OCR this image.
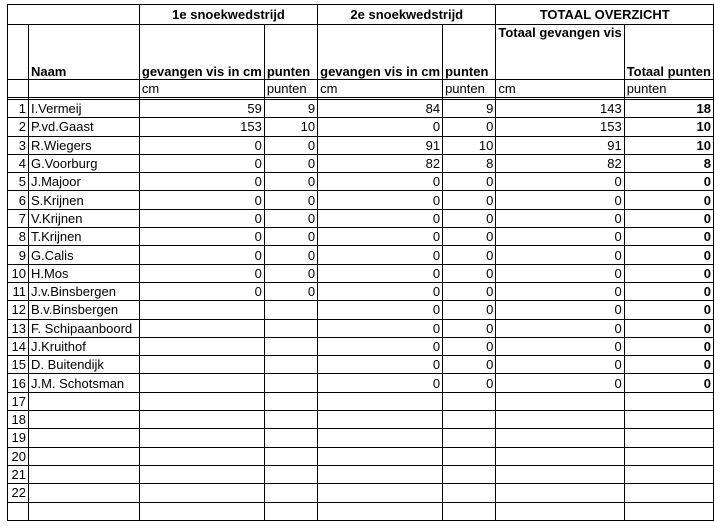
		1e snoekwedstrijd		2e snoekwedstrijd		TOTAAL OVERZICHT	
	Naam	gevangen vis in cm	punten	gevangen vis in cm	punten	Totaal gevangen vis	Totaal punten
		cm	punten	cm	punten	cm	punten

1	I.Vermeij	59	9	84	9	143	18
2	P.vd.Gaast	153	10	0	0	153	10
3	R.Wiegers	0	0	91	10	91	10
4	G.Voorburg	0	0	82	8	82	8
5	J.Majoor	0	0	0	0	0	0
6	S.Krijnen	0	0	0	0	0	0
7	V.Krijnen	0	0	0	0	0	0
8	T.Krijnen	0	0	0	0	0	0
9	G.Calis	0	0	0	0	0	0
10	H.Mos	0	0	0	0	0	0
11	J.v.Binsbergen	0	0	0	0	0	0
12	B.v.Binsbergen			0	0	0	0
13	F. Schipaanboord			0	0	0	0
14	J.Kruithof			0	0	0	0
15	D. Buitendijk			0	0	0	0
16	J.M. Schotsman			0	0	0	0
17							
18							
19							
20							
21							
22							
